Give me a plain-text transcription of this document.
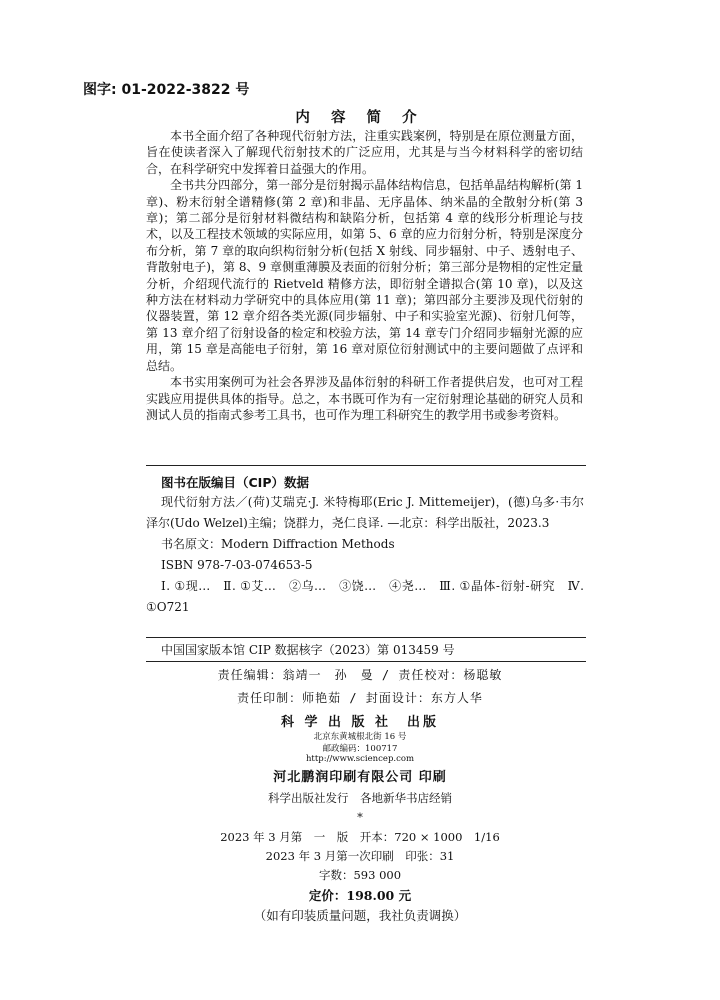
图字: 01-2022-3822 号
内 容 简 介

本书全面介绍了各种现代衍射方法，注重实践案例，特别是在原位测量方面，旨在使读者深入了解现代衍射技术的广泛应用，尤其是与当今材料科学的密切结合，在科学研究中发挥着日益强大的作用。

全书共分四部分，第一部分是衍射揭示晶体结构信息，包括单晶结构解析(第 1 章)、粉末衍射全谱精修(第 2 章)和非晶、无序晶体、纳米晶的全散射分析(第 3 章)；第二部分是衍射材料微结构和缺陷分析，包括第 4 章的线形分析理论与技术，以及工程技术领域的实际应用，如第 5、6 章的应力衍射分析，特别是深度分布分析，第 7 章的取向织构衍射分析(包括 X 射线、同步辐射、中子、透射电子、背散射电子)，第 8、9 章侧重薄膜及表面的衍射分析；第三部分是物相的定性定量分析，介绍现代流行的 Rietveld 精修方法，即衍射全谱拟合(第 10 章)，以及这种方法在材料动力学研究中的具体应用(第 11 章)；第四部分主要涉及现代衍射的仪器装置，第 12 章介绍各类光源(同步辐射、中子和实验室光源)、衍射几何等，第 13 章介绍了衍射设备的检定和校验方法，第 14 章专门介绍同步辐射光源的应用，第 15 章是高能电子衍射，第 16 章对原位衍射测试中的主要问题做了点评和总结。

本书实用案例可为社会各界涉及晶体衍射的科研工作者提供启发，也可对工程实践应用提供具体的指导。总之，本书既可作为有一定衍射理论基础的研究人员和测试人员的指南式参考工具书，也可作为理工科研究生的教学用书或参考资料。

图书在版编目（CIP）数据

现代衍射方法／(荷)艾瑞克·J. 米特梅耶(Eric J. Mittemeijer)，(德)乌多·韦尔泽尔(Udo Welzel)主编；饶群力，尧仁良译. —北京：科学出版社，2023.3

书名原文：Modern Diffraction Methods

ISBN 978-7-03-074653-5

Ⅰ. ①现…　Ⅱ. ①艾…　②乌…　③饶…　④尧…　Ⅲ. ①晶体-衍射-研究　Ⅳ. ①O721

中国国家版本馆 CIP 数据核字（2023）第 013459 号
责任编辑：翁靖一　孙　曼 / 责任校对：杨聪敏
责任印制：师艳茹 / 封面设计：东方人华
科 学 出 版 社　出版
北京东黄城根北街 16 号
邮政编码：100717
http://www.sciencep.com
河北鹏润印刷有限公司 印刷
科学出版社发行　各地新华书店经销
*
2023 年 3 月第　一　版　开本：720 × 1000　1/16
2023 年 3 月第一次印刷　印张：31
字数：593 000
定价：198.00 元
（如有印装质量问题，我社负责调换）
